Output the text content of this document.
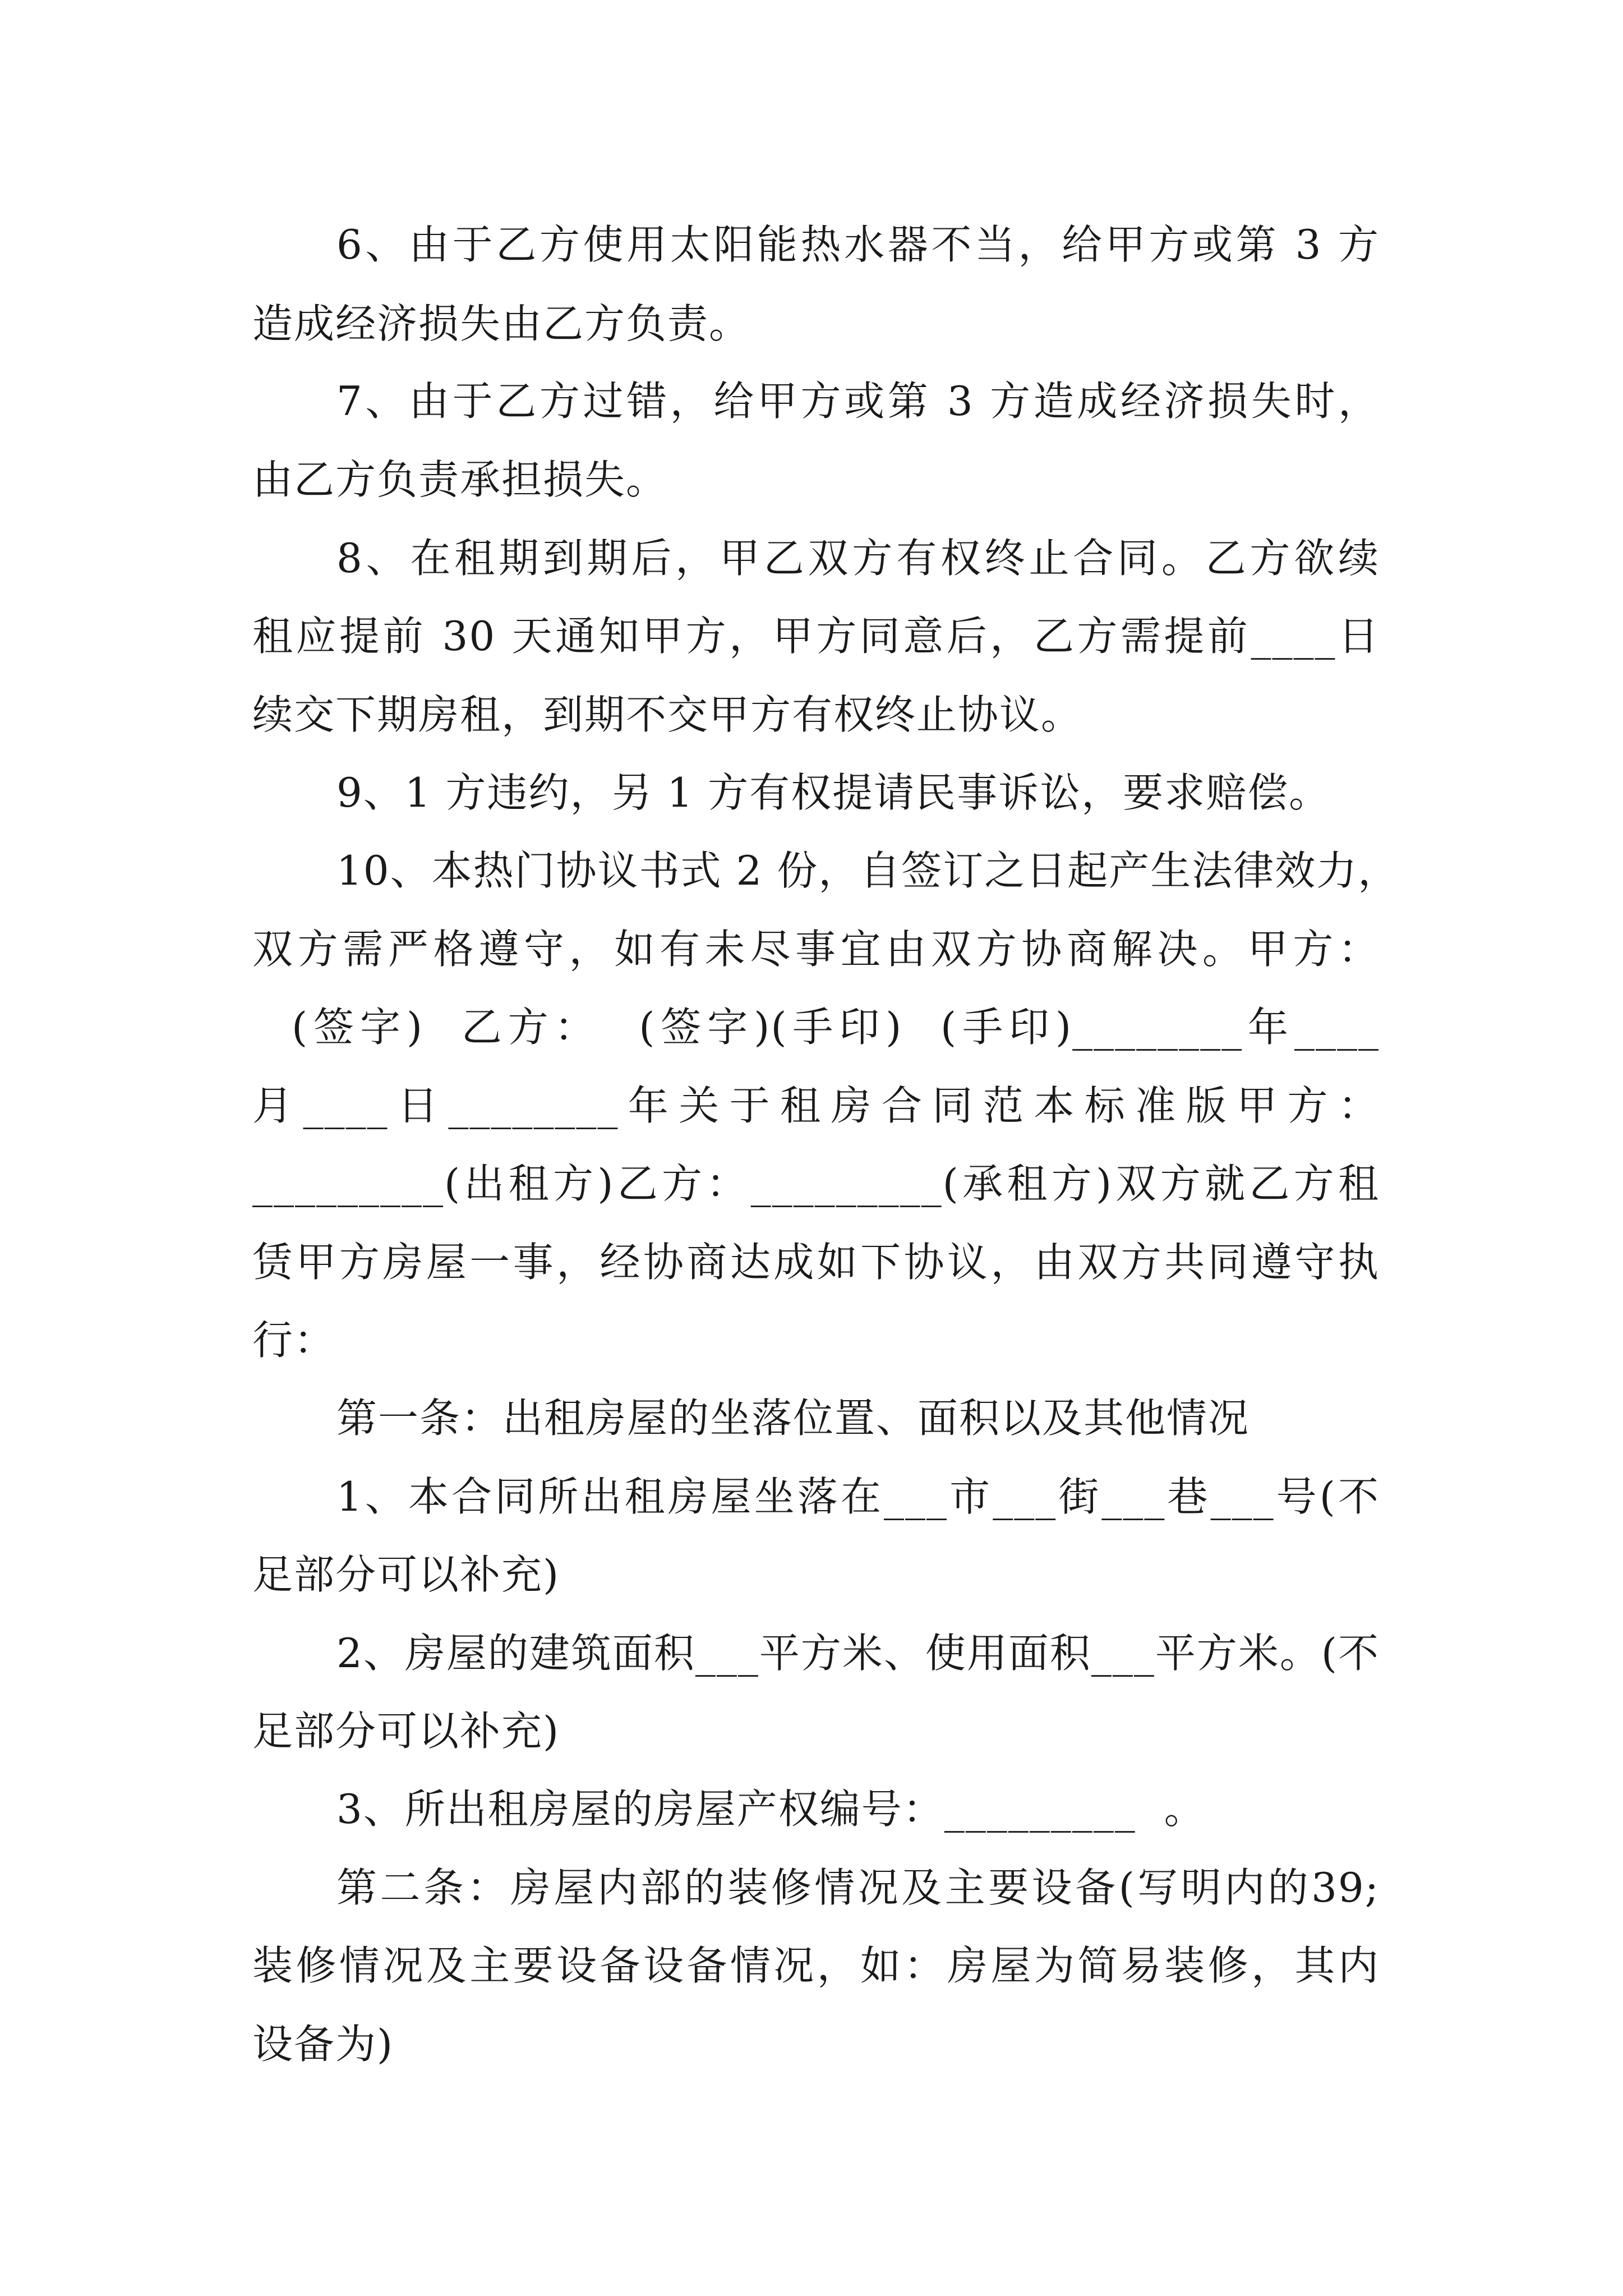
6、由于乙方使用太阳能热水器不当，给甲方或第 3 方
造成经济损失由乙方负责。
7、由于乙方过错，给甲方或第 3 方造成经济损失时，
由乙方负责承担损失。
8、在租期到期后，甲乙双方有权终止合同。乙方欲续
租应提前 30 天通知甲方，甲方同意后，乙方需提前____日
续交下期房租，到期不交甲方有权终止协议。
9、1 方违约，另 1 方有权提请民事诉讼，要求赔偿。
10、本热门协议书式 2 份，自签订之日起产生法律效力，
双方需严格遵守，如有未尽事宜由双方协商解决。甲方：
(签字)  乙方：  (签字)(手印)  (手印)________年____
月____日________年关于租房合同范本标准版甲方：
_________(出租方)乙方：_________(承租方)双方就乙方租
赁甲方房屋一事，经协商达成如下协议，由双方共同遵守执
行：
第一条：出租房屋的坐落位置、面积以及其他情况
1、本合同所出租房屋坐落在___市___街___巷___号(不
足部分可以补充)
2、房屋的建筑面积___平方米、使用面积___平方米。(不
足部分可以补充)
3、所出租房屋的房屋产权编号：_________  。
第二条：房屋内部的装修情况及主要设备(写明内的39;
装修情况及主要设备设备情况，如：房屋为简易装修，其内
设备为)
